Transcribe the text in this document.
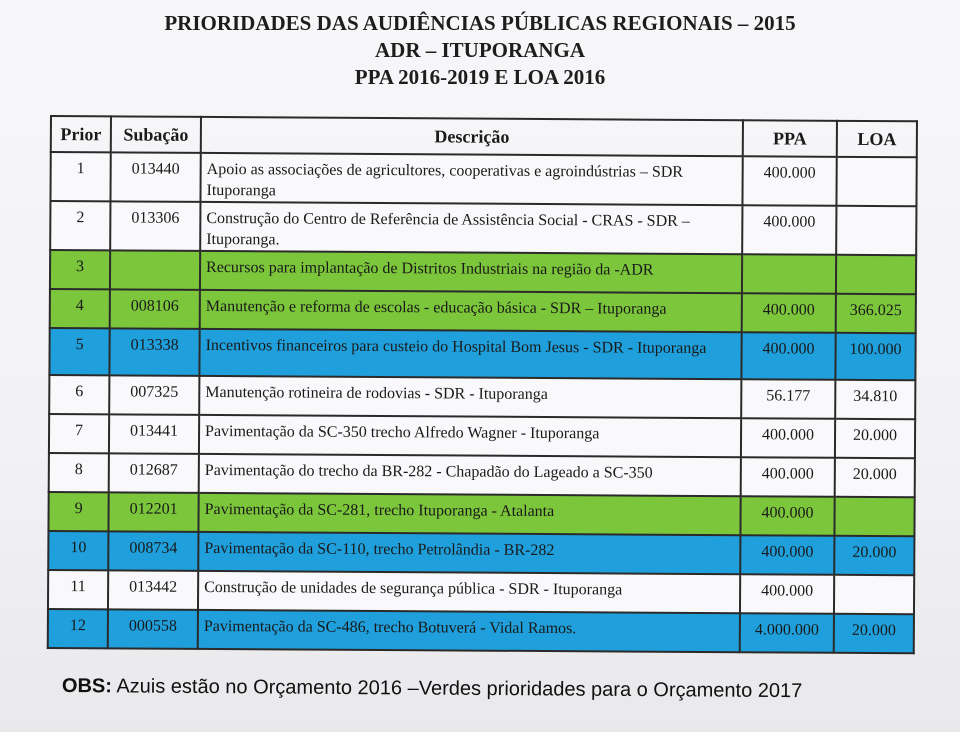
PRIORIDADES DAS AUDIÊNCIAS PÚBLICAS REGIONAIS – 2015
ADR – ITUPORANGA
PPA 2016-2019 E LOA 2016
Prior	Subação	Descrição	PPA	LOA
1	013440	Apoio as associações de agricultores, cooperativas e agroindústrias – SDR Ituporanga	400.000	
2	013306	Construção do Centro de Referência de Assistência Social - CRAS - SDR – Ituporanga.	400.000	
3		Recursos para implantação de Distritos Industriais na região da -ADR		
4	008106	Manutenção e reforma de escolas - educação básica - SDR – Ituporanga	400.000	366.025
5	013338	Incentivos financeiros para custeio do Hospital Bom Jesus - SDR - Ituporanga	400.000	100.000
6	007325	Manutenção rotineira de rodovias - SDR - Ituporanga	56.177	34.810
7	013441	Pavimentação da SC-350 trecho Alfredo Wagner - Ituporanga	400.000	20.000
8	012687	Pavimentação do trecho da BR-282 - Chapadão do Lageado a SC-350	400.000	20.000
9	012201	Pavimentação da SC-281, trecho Ituporanga - Atalanta	400.000	
10	008734	Pavimentação da SC-110, trecho Petrolândia - BR-282	400.000	20.000
11	013442	Construção de unidades de segurança pública - SDR - Ituporanga	400.000	
12	000558	Pavimentação da SC-486, trecho Botuverá - Vidal Ramos.	4.000.000	20.000
OBS: Azuis estão no Orçamento 2016 –Verdes prioridades para o Orçamento 2017
